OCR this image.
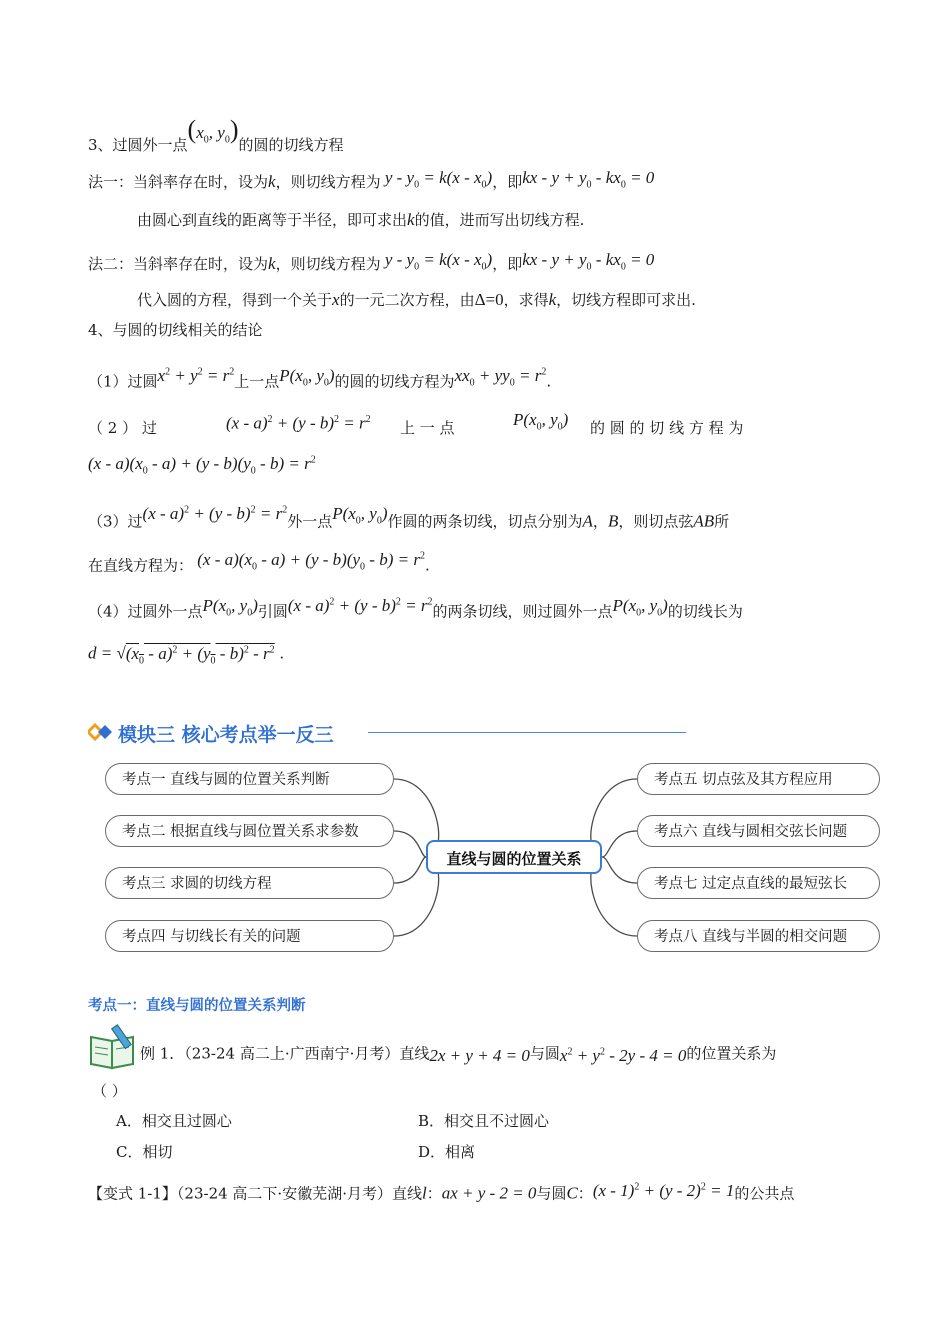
3、过圆外一点($x_0$, $y_0$)的圆的切线方程
法一：当斜率存在时，设为k，则切线方程为 $y - y_0 = k(x - x_0)$，即kx - $y + y_0 - kx_0 = 0$
由圆心到直线的距离等于半径，即可求出k的值，进而写出切线方程.
法二：当斜率存在时，设为k，则切线方程为 $y - y_0 = k(x - x_0)$，即kx - $y + y_0 - kx_0 = 0$
代入圆的方程，得到一个关于x的一元二次方程，由Δ=0，求得k，切线方程即可求出.
4、与圆的切线相关的结论
（1）过圆$x^2 + y^2 = r^2$上一点$P(x_0$, $y_0$)的圆的切线方程为$xx_0 + yy_0 = r^2$.
（ 2 ） 过	$(x - a)^2 + (y - b)^2 = r^2$ 上 一 点	$P(x_0$, $y_0$) 的 圆 的 切 线 方 程 为
$(x - a)(x_0 - a) + (y - b)(y_0 - b) = r^2$
（3）过$(x - a)^2 + (y - b)^2 = r^2$外一点$P(x_0$, $y_0$)作圆的两条切线，切点分别为A，B，则切点弦AB所
在直线方程为： $(x - a)(x_0 - a) + (y - b)(y_0 - b) = r^2$.
（4）过圆外一点$P(x_0$, $y_0$)引圆$(x - a)^2 + (y - b)^2 = r^2$的两条切线，则过圆外一点$P(x_0$, $y_0$)的切线长为
$d = √(x_0 - a)^2 + (y_0 - b)^2 - r^2$ .
模块三 核心考点举一反三
考点一 直线与圆的位置关系判断
考点二 根据直线与圆位置关系求参数
考点三 求圆的切线方程
考点四 与切线长有关的问题
直线与圆的位置关系
考点五 切点弦及其方程应用
考点六 直线与圆相交弦长问题
考点七 过定点直线的最短弦长
考点八 直线与半圆的相交问题
考点一：直线与圆的位置关系判断
例 1．（23-24 高二上·广西南宁·月考）直线2x + y + 4 = 0与圆$x^2 + y^2 - 2y - 4 = 0$的位置关系为
（ ）
A．相交且过圆心	B．相交且不过圆心
C．相切	D．相离
【变式 1-1】（23-24 高二下·安徽芜湖·月考）直线l：ax + y - 2 = 0与圆C：(x - 1)$^2$ + (y - 2)$^2$ = 1的公共点
